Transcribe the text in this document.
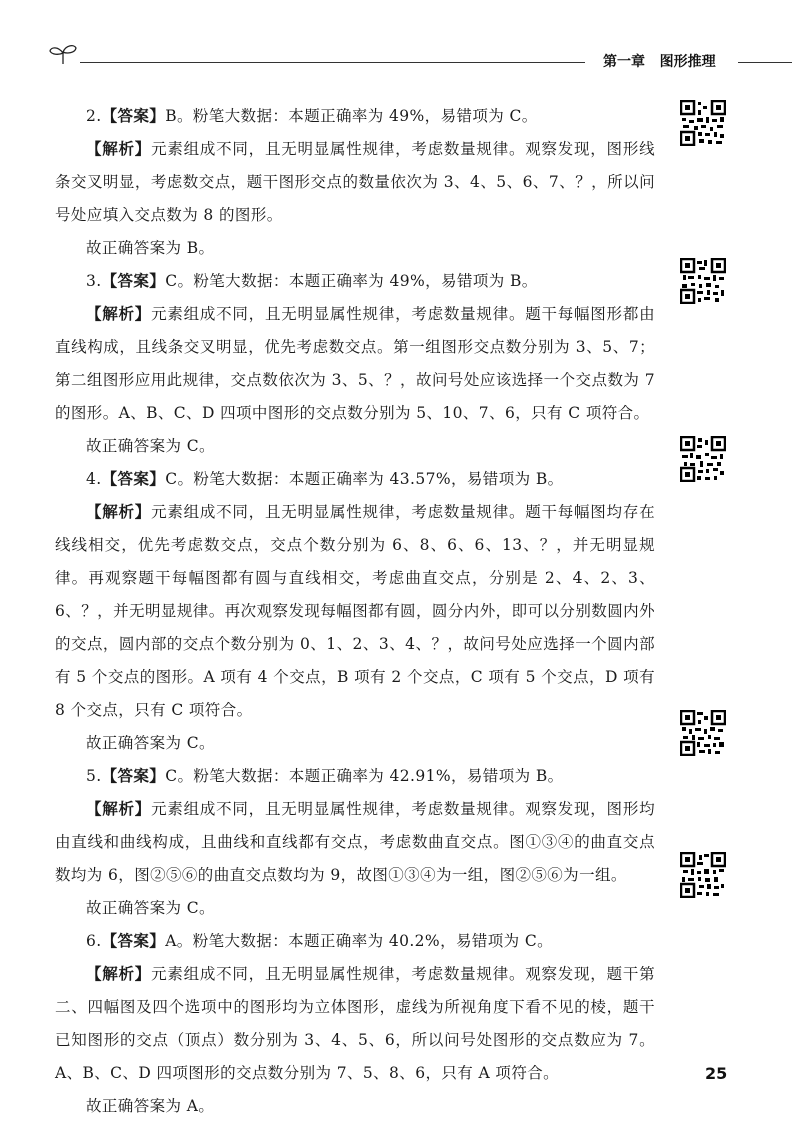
第一章 图形推理

2.【答案】B。粉笔大数据：本题正确率为 49%，易错项为 C。

【解析】元素组成不同，且无明显属性规律，考虑数量规律。观察发现，图形线条交叉明显，考虑数交点，题干图形交点的数量依次为 3、4、5、6、7、？，所以问号处应填入交点数为 8 的图形。

故正确答案为 B。

3.【答案】C。粉笔大数据：本题正确率为 49%，易错项为 B。

【解析】元素组成不同，且无明显属性规律，考虑数量规律。题干每幅图形都由直线构成，且线条交叉明显，优先考虑数交点。第一组图形交点数分别为 3、5、7；第二组图形应用此规律，交点数依次为 3、5、？，故问号处应该选择一个交点数为 7 的图形。A、B、C、D 四项中图形的交点数分别为 5、10、7、6，只有 C 项符合。

故正确答案为 C。

4.【答案】C。粉笔大数据：本题正确率为 43.57%，易错项为 B。

【解析】元素组成不同，且无明显属性规律，考虑数量规律。题干每幅图均存在线线相交，优先考虑数交点，交点个数分别为 6、8、6、6、13、？，并无明显规律。再观察题干每幅图都有圆与直线相交，考虑曲直交点，分别是 2、4、2、3、6、？，并无明显规律。再次观察发现每幅图都有圆，圆分内外，即可以分别数圆内外的交点，圆内部的交点个数分别为 0、1、2、3、4、？，故问号处应选择一个圆内部有 5 个交点的图形。A 项有 4 个交点，B 项有 2 个交点，C 项有 5 个交点，D 项有 8 个交点，只有 C 项符合。

故正确答案为 C。

5.【答案】C。粉笔大数据：本题正确率为 42.91%，易错项为 B。

【解析】元素组成不同，且无明显属性规律，考虑数量规律。观察发现，图形均由直线和曲线构成，且曲线和直线都有交点，考虑数曲直交点。图①③④的曲直交点数均为 6，图②⑤⑥的曲直交点数均为 9，故图①③④为一组，图②⑤⑥为一组。

故正确答案为 C。

6.【答案】A。粉笔大数据：本题正确率为 40.2%，易错项为 C。

【解析】元素组成不同，且无明显属性规律，考虑数量规律。观察发现，题干第二、四幅图及四个选项中的图形均为立体图形，虚线为所视角度下看不见的棱，题干已知图形的交点（顶点）数分别为 3、4、5、6，所以问号处图形的交点数应为 7。A、B、C、D 四项图形的交点数分别为 7、5、8、6，只有 A 项符合。

故正确答案为 A。

25
